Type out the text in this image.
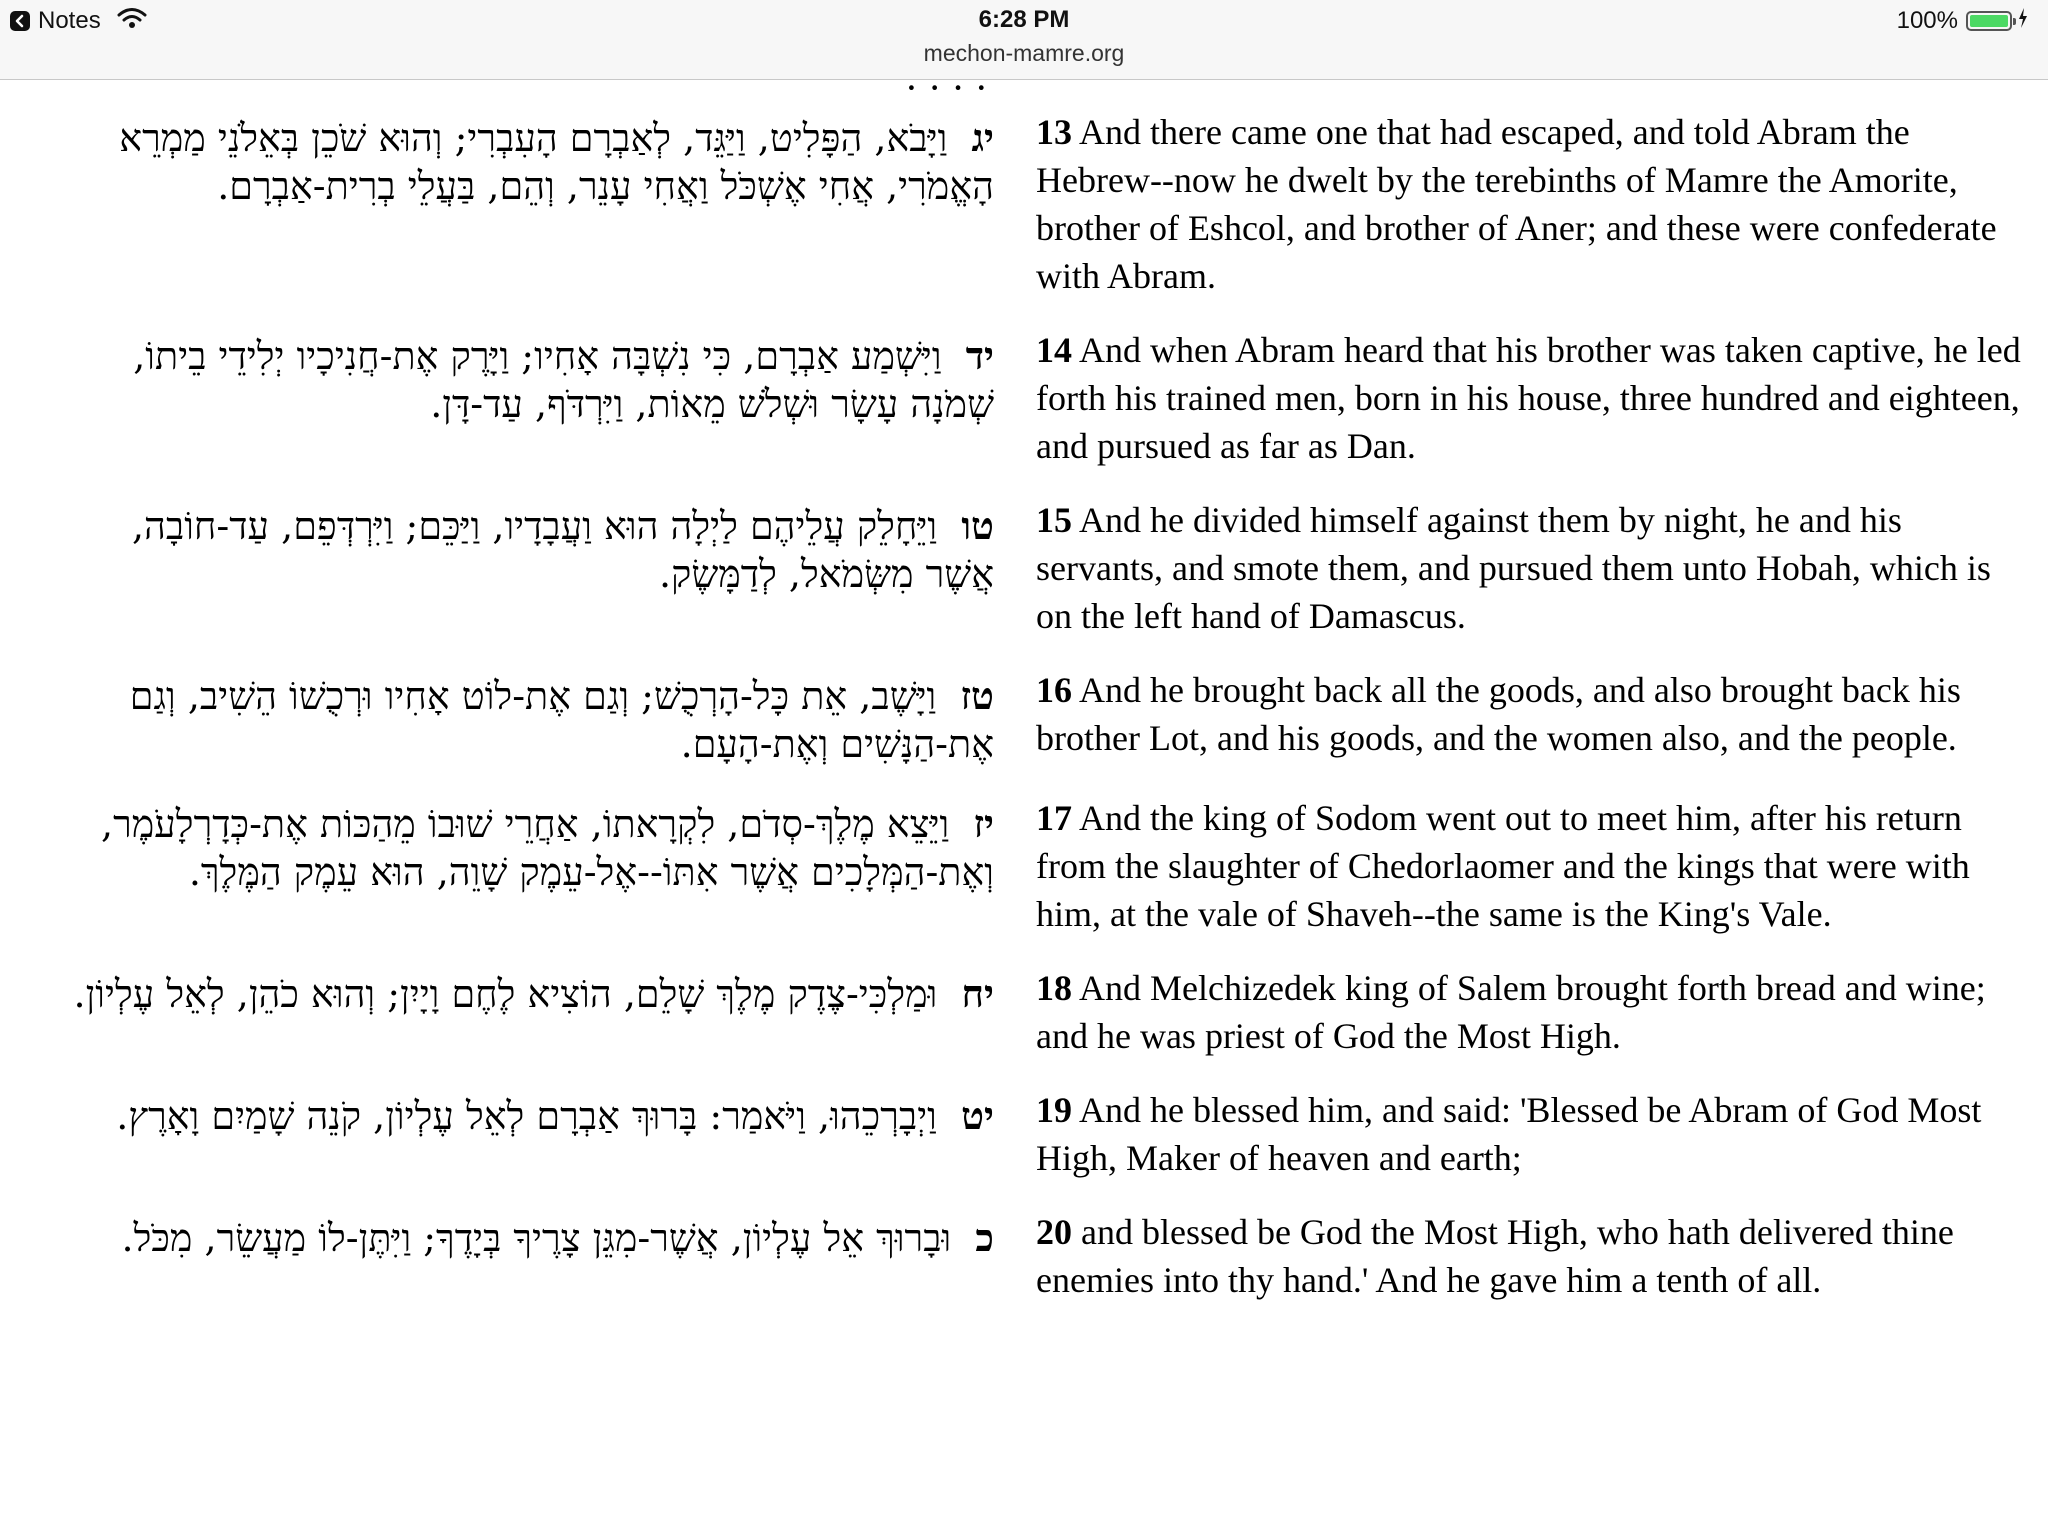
Notes	6:28 PM
mechon-mamre.org
100%
· · · ·
יג  וַיָּבֹא, הַפָּלִיט, וַיַּגֵּד, לְאַבְרָם הָעִבְרִי; וְהוּא שֹׁכֵן בְּאֵלֹנֵי מַמְרֵא הָאֱמֹרִי, אֲחִי אֶשְׁכֹּל וַאֲחִי עָנֵר, וְהֵם, בַּעֲלֵי בְרִית-אַבְרָם.	13 And there came one that had escaped, and told Abram the Hebrew--now he dwelt by the terebinths of Mamre the Amorite, brother of Eshcol, and brother of Aner; and these were confederate with Abram.
יד  וַיִּשְׁמַע אַבְרָם, כִּי נִשְׁבָּה אָחִיו; וַיָּרֶק אֶת-חֲנִיכָיו יְלִידֵי בֵיתוֹ, שְׁמֹנָה עָשָׂר וּשְׁלֹשׁ מֵאוֹת, וַיִּרְדֹּף, עַד-דָּן.	14 And when Abram heard that his brother was taken captive, he led forth his trained men, born in his house, three hundred and eighteen, and pursued as far as Dan.
טו  וַיֵּחָלֵק עֲלֵיהֶם לַיְלָה הוּא וַעֲבָדָיו, וַיַּכֵּם; וַיִּרְדְּפֵם, עַד-חוֹבָה, אֲשֶׁר מִשְּׂמֹאל, לְדַמָּשֶׂק.	15 And he divided himself against them by night, he and his servants, and smote them, and pursued them unto Hobah, which is on the left hand of Damascus.
טז  וַיָּשֶׁב, אֵת כָּל-הָרְכֻשׁ; וְגַם אֶת-לוֹט אָחִיו וּרְכֻשׁוֹ הֵשִׁיב, וְגַם אֶת-הַנָּשִׁים וְאֶת-הָעָם.	16 And he brought back all the goods, and also brought back his brother Lot, and his goods, and the women also, and the people.
יז  וַיֵּצֵא מֶלֶךְ-סְדֹם, לִקְרָאתוֹ, אַחֲרֵי שׁוּבוֹ מֵהַכּוֹת אֶת-כְּדָרְלָעֹמֶר, וְאֶת-הַמְּלָכִים אֲשֶׁר אִתּוֹ--אֶל-עֵמֶק שָׁוֵה, הוּא עֵמֶק הַמֶּלֶךְ.	17 And the king of Sodom went out to meet him, after his return from the slaughter of Chedorlaomer and the kings that were with him, at the vale of Shaveh--the same is the King's Vale.
יח  וּמַלְכִּי-צֶדֶק מֶלֶךְ שָׁלֵם, הוֹצִיא לֶחֶם וָיָיִן; וְהוּא כֹהֵן, לְאֵל עֶלְיוֹן.	18 And Melchizedek king of Salem brought forth bread and wine; and he was priest of God the Most High.
יט  וַיְבָרְכֵהוּ, וַיֹּאמַר: בָּרוּךְ אַבְרָם לְאֵל עֶלְיוֹן, קֹנֵה שָׁמַיִם וָאָרֶץ.	19 And he blessed him, and said: 'Blessed be Abram of God Most High, Maker of heaven and earth;
כ  וּבָרוּךְ אֵל עֶלְיוֹן, אֲשֶׁר-מִגֵּן צָרֶיךָ בְּיָדֶךָ; וַיִּתֶּן-לוֹ מַעֲשֵׂר, מִכֹּל.	20 and blessed be God the Most High, who hath delivered thine enemies into thy hand.' And he gave him a tenth of all.
